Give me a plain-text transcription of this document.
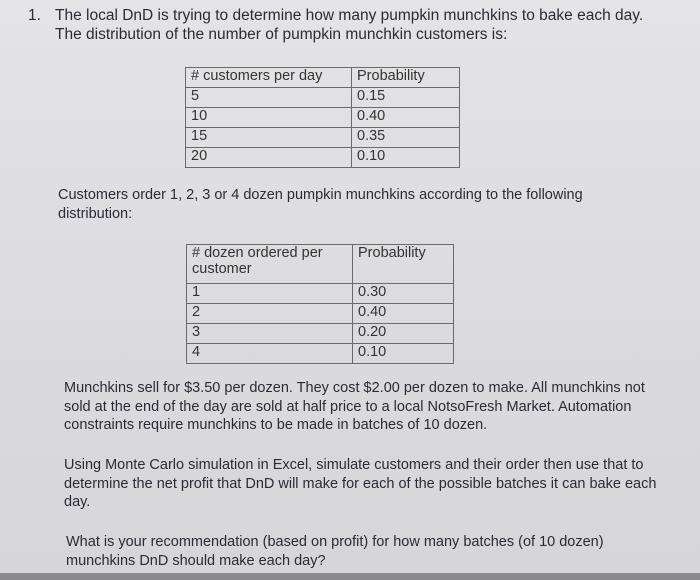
1. The local DnD is trying to determine how many pumpkin munchkins to bake each day. The distribution of the number of pumpkin munchkin customers is:
# customers per day	Probability
5	0.15
10	0.40
15	0.35
20	0.10
Customers order 1, 2, 3 or 4 dozen pumpkin munchkins according to the following distribution:
# dozen ordered per customer	Probability
1	0.30
2	0.40
3	0.20
4	0.10
Munchkins sell for $3.50 per dozen. They cost $2.00 per dozen to make. All munchkins not sold at the end of the day are sold at half price to a local NotsoFresh Market. Automation constraints require munchkins to be made in batches of 10 dozen.
Using Monte Carlo simulation in Excel, simulate customers and their order then use that to determine the net profit that DnD will make for each of the possible batches it can bake each day.
What is your recommendation (based on profit) for how many batches (of 10 dozen) munchkins DnD should make each day?
